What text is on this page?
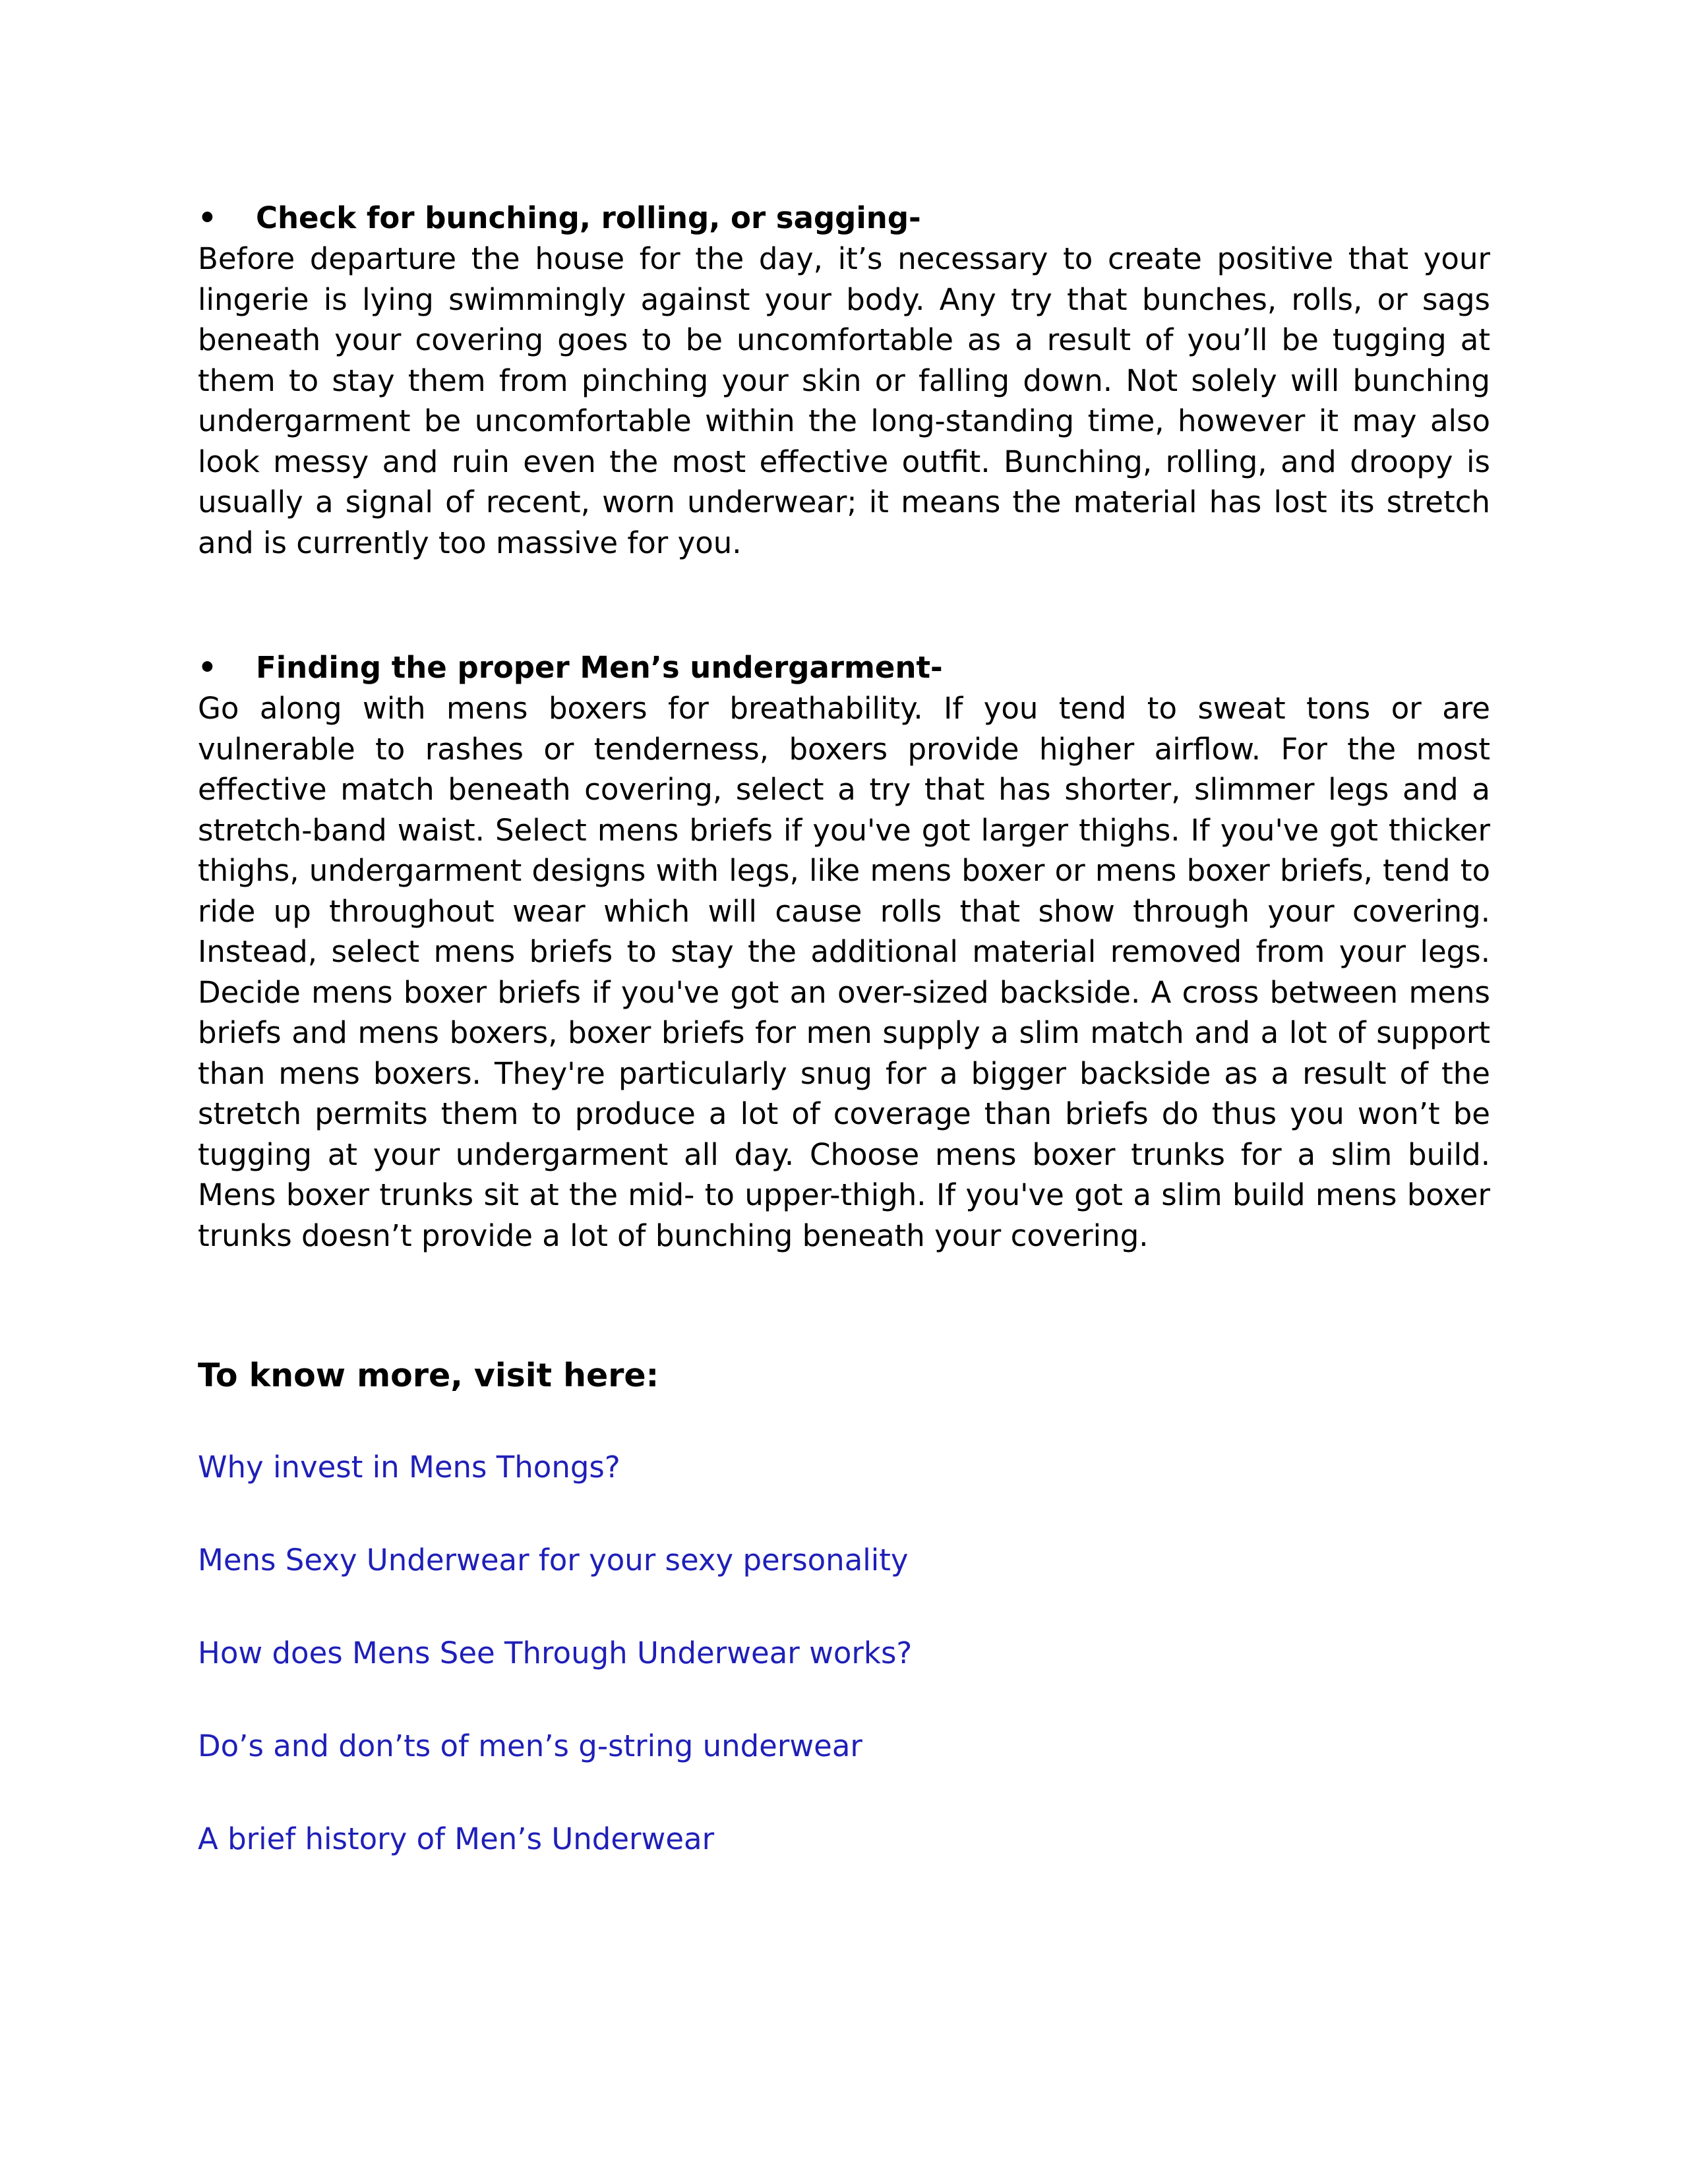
•	Check for bunching, rolling, or sagging-

Before departure the house for the day, it’s necessary to create positive that your lingerie is lying swimmingly against your body. Any try that bunches, rolls, or sags beneath your covering goes to be uncomfortable as a result of you’ll be tugging at them to stay them from pinching your skin or falling down. Not solely will bunching undergarment be uncomfortable within the long-standing time, however it may also look messy and ruin even the most effective outfit. Bunching, rolling, and droopy is usually a signal of recent, worn underwear; it means the material has lost its stretch and is currently too massive for you.

•	Finding the proper Men’s undergarment-

Go along with mens boxers for breathability. If you tend to sweat tons or are vulnerable to rashes or tenderness, boxers provide higher airflow. For the most effective match beneath covering, select a try that has shorter, slimmer legs and a stretch-band waist. Select mens briefs if you've got larger thighs. If you've got thicker thighs, undergarment designs with legs, like mens boxer or mens boxer briefs, tend to ride up throughout wear which will cause rolls that show through your covering. Instead, select mens briefs to stay the additional material removed from your legs. Decide mens boxer briefs if you've got an over-sized backside. A cross between mens briefs and mens boxers, boxer briefs for men supply a slim match and a lot of support than mens boxers. They're particularly snug for a bigger backside as a result of the stretch permits them to produce a lot of coverage than briefs do thus you won’t be tugging at your undergarment all day. Choose mens boxer trunks for a slim build. Mens boxer trunks sit at the mid- to upper-thigh. If you've got a slim build mens boxer trunks doesn’t provide a lot of bunching beneath your covering.

To know more, visit here:
Why invest in Mens Thongs?
Mens Sexy Underwear for your sexy personality
How does Mens See Through Underwear works?
Do’s and don’ts of men’s g-string underwear
A brief history of Men’s Underwear
